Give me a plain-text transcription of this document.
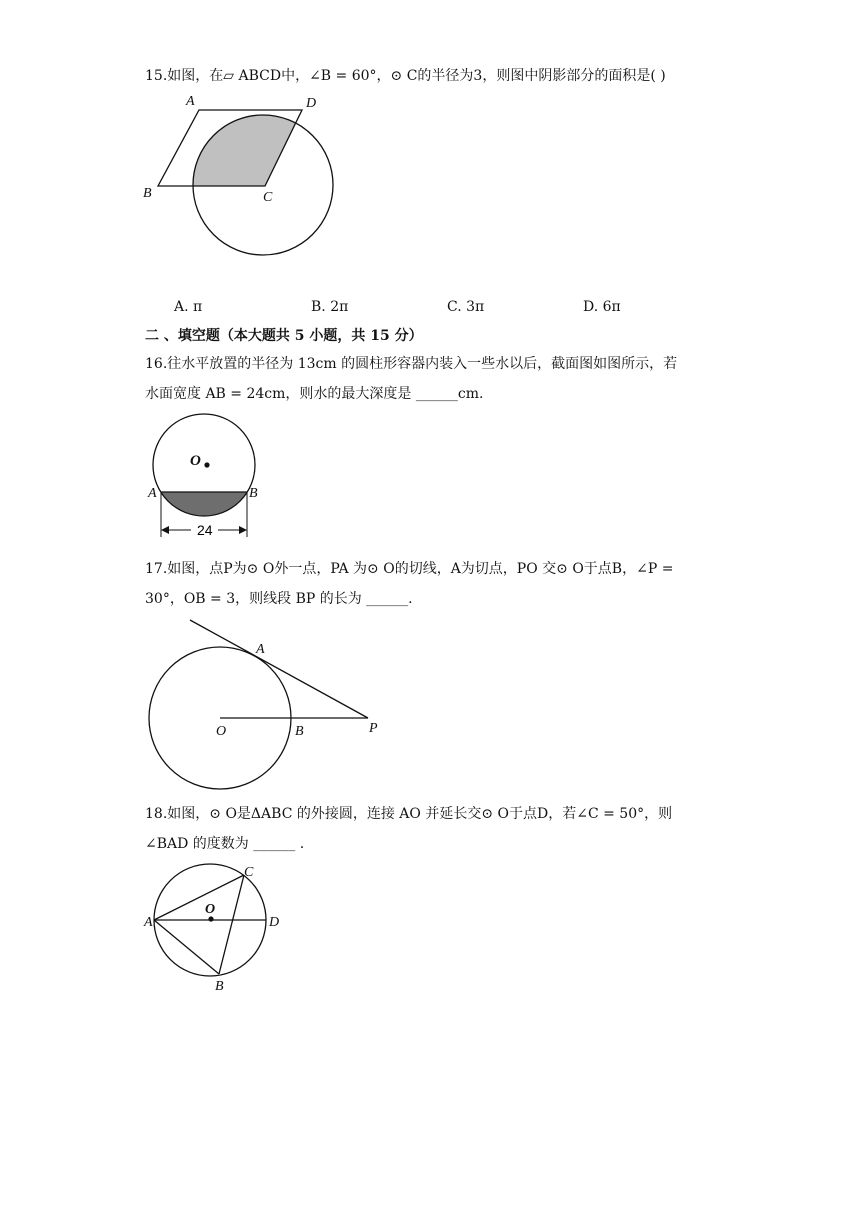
15.如图，在▱ ABCD中，∠B = 60°，⊙ C的半径为3，则图中阴影部分的面积是( )
A	D
B	C
A. π	B. 2π	C. 3π	D. 6π
二 、填空题（本大题共 5 小题，共 15 分）
16.往水平放置的半径为 13cm 的圆柱形容器内装入一些水以后，截面图如图所示，若
水面宽度 AB = 24cm，则水的最大深度是 ______cm.
O
A	B
24
17.如图，点P为⊙ O外一点，PA 为⊙ O的切线，A为切点，PO 交⊙ O于点B，∠P =
30°，OB = 3，则线段 BP 的长为 ______.
A
O	B	P
18.如图，⊙ O是ΔABC 的外接圆，连接 AO 并延长交⊙ O于点D，若∠C = 50°，则
∠BAD 的度数为 ______ .
O
A
C
D
B
